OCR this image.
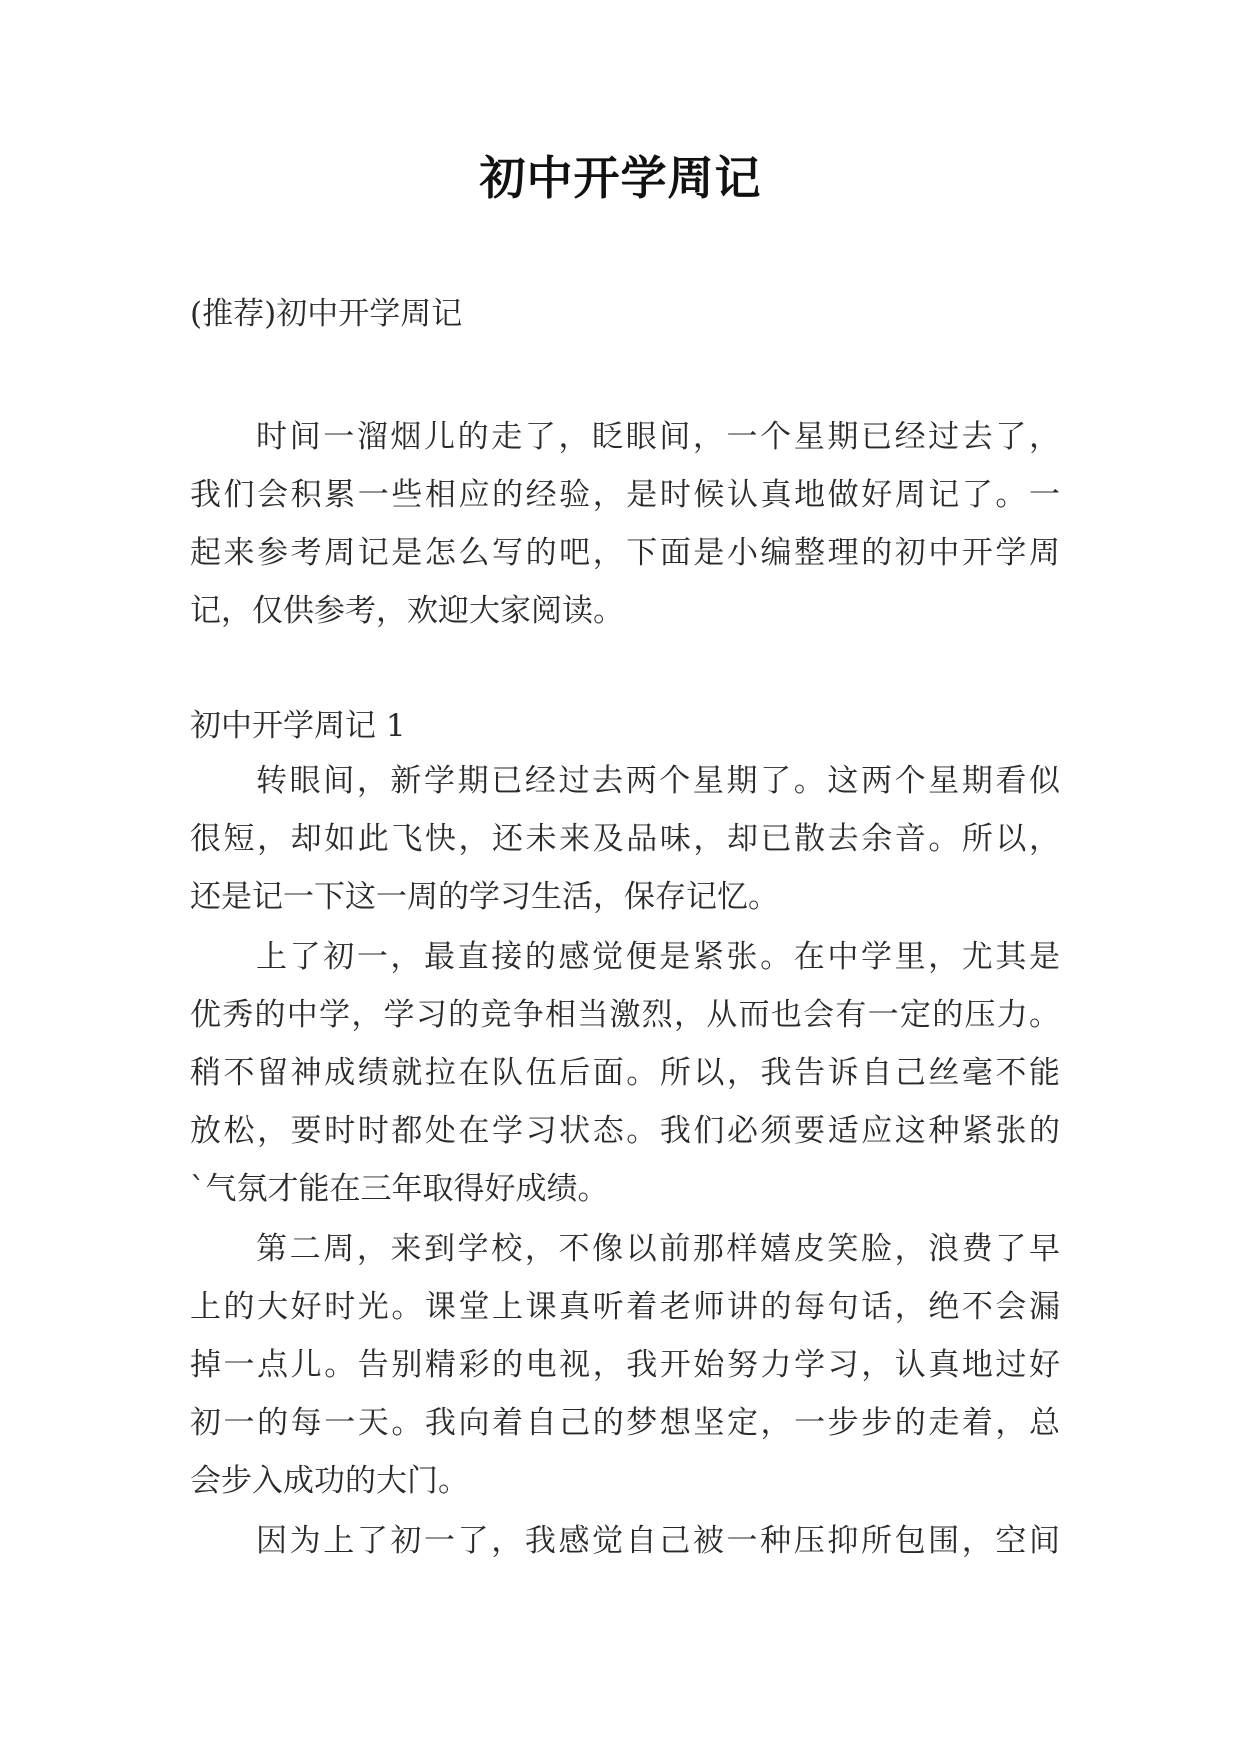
初中开学周记
(推荐)初中开学周记
时间一溜烟儿的走了，眨眼间，一个星期已经过去了，
我们会积累一些相应的经验，是时候认真地做好周记了。一
起来参考周记是怎么写的吧，下面是小编整理的初中开学周
记，仅供参考，欢迎大家阅读。
初中开学周记 1
转眼间，新学期已经过去两个星期了。这两个星期看似
很短，却如此飞快，还未来及品味，却已散去余音。所以，
还是记一下这一周的学习生活，保存记忆。
上了初一，最直接的感觉便是紧张。在中学里，尤其是
优秀的中学，学习的竞争相当激烈，从而也会有一定的压力。
稍不留神成绩就拉在队伍后面。所以，我告诉自己丝毫不能
放松，要时时都处在学习状态。我们必须要适应这种紧张的
`气氛才能在三年取得好成绩。
第二周，来到学校，不像以前那样嬉皮笑脸，浪费了早
上的大好时光。课堂上课真听着老师讲的每句话，绝不会漏
掉一点儿。告别精彩的电视，我开始努力学习，认真地过好
初一的每一天。我向着自己的梦想坚定，一步步的走着，总
会步入成功的大门。
因为上了初一了，我感觉自己被一种压抑所包围，空间
